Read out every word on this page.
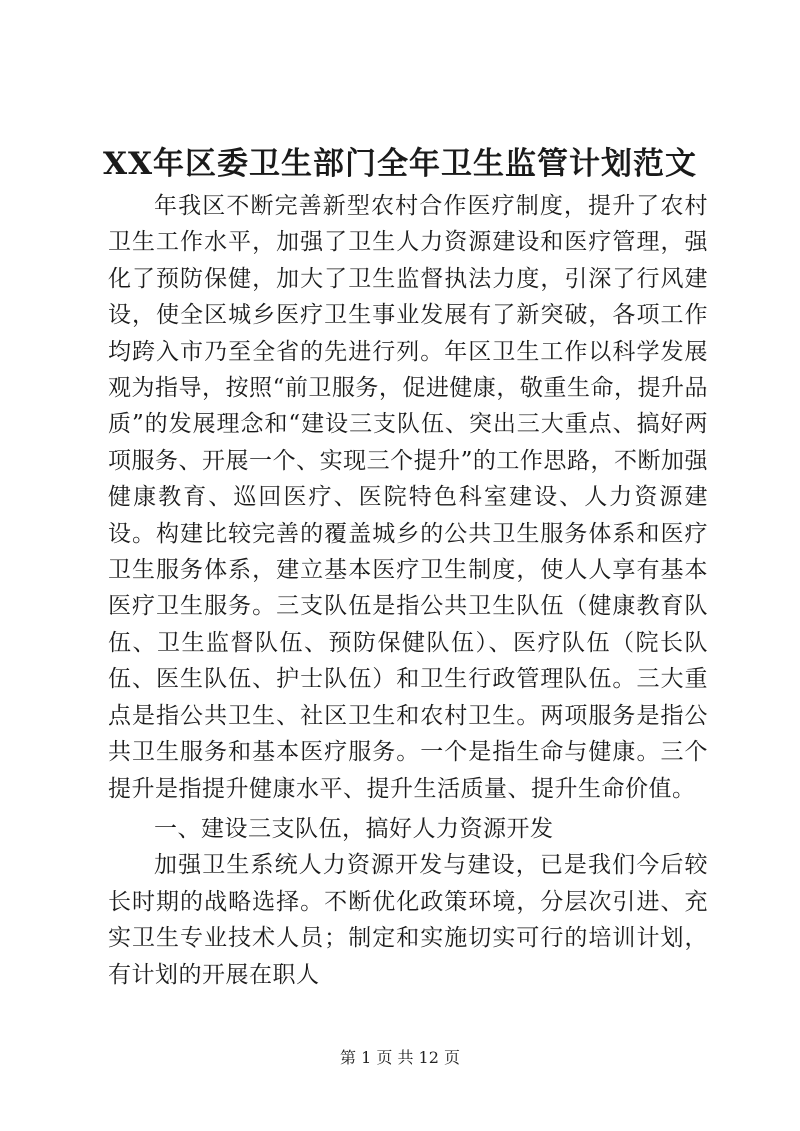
XX年区委卫生部门全年卫生监管计划范文

年我区不断完善新型农村合作医疗制度，提升了农村卫生工作水平，加强了卫生人力资源建设和医疗管理，强化了预防保健，加大了卫生监督执法力度，引深了行风建设，使全区城乡医疗卫生事业发展有了新突破，各项工作均跨入市乃至全省的先进行列。年区卫生工作以科学发展观为指导，按照“前卫服务，促进健康，敬重生命，提升品质”的发展理念和“建设三支队伍、突出三大重点、搞好两项服务、开展一个、实现三个提升”的工作思路，不断加强健康教育、巡回医疗、医院特色科室建设、人力资源建设。构建比较完善的覆盖城乡的公共卫生服务体系和医疗卫生服务体系，建立基本医疗卫生制度，使人人享有基本医疗卫生服务。三支队伍是指公共卫生队伍（健康教育队伍、卫生监督队伍、预防保健队伍）、医疗队伍（院长队伍、医生队伍、护士队伍）和卫生行政管理队伍。三大重点是指公共卫生、社区卫生和农村卫生。两项服务是指公共卫生服务和基本医疗服务。一个是指生命与健康。三个提升是指提升健康水平、提升生活质量、提升生命价值。

一、建设三支队伍，搞好人力资源开发

加强卫生系统人力资源开发与建设，已是我们今后较长时期的战略选择。不断优化政策环境，分层次引进、充实卫生专业技术人员；制定和实施切实可行的培训计划，有计划的开展在职人

第 1 页 共 12 页
